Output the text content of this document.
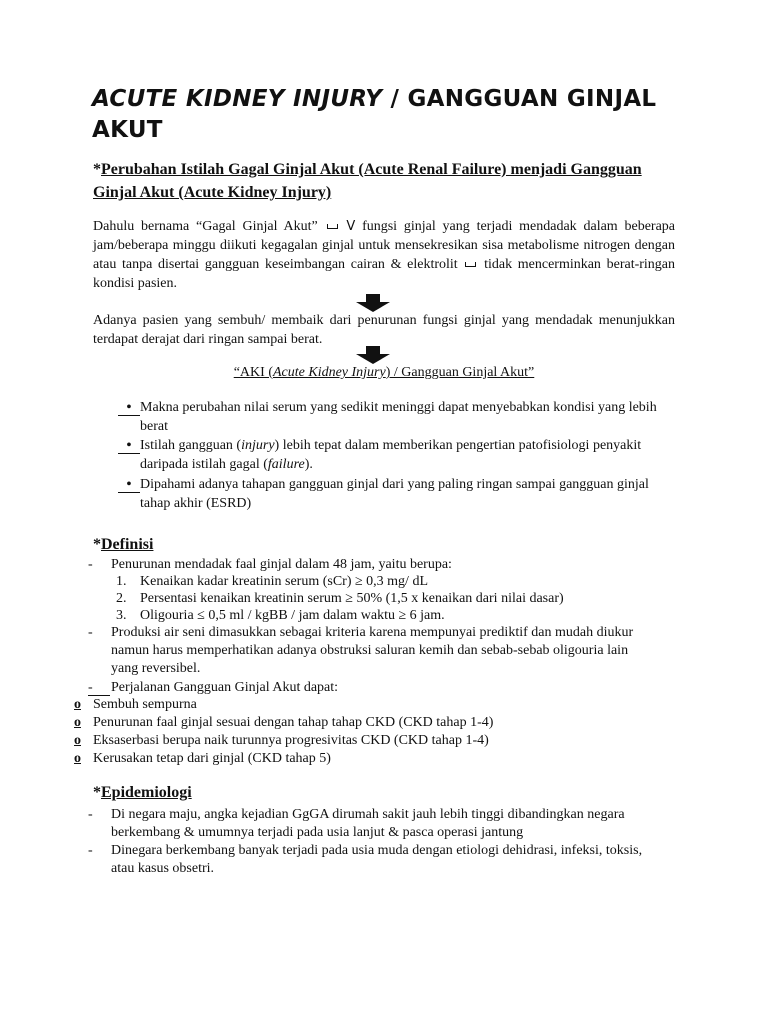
ACUTE KIDNEY INJURY / GANGGUAN GINJAL AKUT
*Perubahan Istilah Gagal Ginjal Akut (Acute Renal Failure) menjadi Gangguan Ginjal Akut (Acute Kidney Injury)
Dahulu bernama “Gagal Ginjal Akut” V fungsi ginjal yang terjadi mendadak dalam beberapa jam/beberapa minggu diikuti kegagalan ginjal untuk mensekresikan sisa metabolisme nitrogen dengan atau tanpa disertai gangguan keseimbangan cairan & elektrolit tidak mencerminkan berat-ringan kondisi pasien.
Adanya pasien yang sembuh/ membaik dari penurunan fungsi ginjal yang mendadak menunjukkan terdapat derajat dari ringan sampai berat.
“AKI (Acute Kidney Injury) / Gangguan Ginjal Akut”
• Makna perubahan nilai serum yang sedikit meninggi dapat menyebabkan kondisi yang lebih berat
• Istilah gangguan (injury) lebih tepat dalam memberikan pengertian patofisiologi penyakit daripada istilah gagal (failure).
• Dipahami adanya tahapan gangguan ginjal dari yang paling ringan sampai gangguan ginjal tahap akhir (ESRD)
*Definisi
- Penurunan mendadak faal ginjal dalam 48 jam, yaitu berupa:
1. Kenaikan kadar kreatinin serum (sCr) ≥ 0,3 mg/ dL
2. Persentasi kenaikan kreatinin serum ≥ 50% (1,5 x kenaikan dari nilai dasar)
3. Oligouria ≤ 0,5 ml / kgBB / jam dalam waktu ≥ 6 jam.
- Produksi air seni dimasukkan sebagai kriteria karena mempunyai prediktif dan mudah diukur namun harus memperhatikan adanya obstruksi saluran kemih dan sebab-sebab oligouria lain yang reversibel.
-	Perjalanan Gangguan Ginjal Akut dapat:
o Sembuh sempurna
o Penurunan faal ginjal sesuai dengan tahap tahap CKD (CKD tahap 1-4)
o Eksaserbasi berupa naik turunnya progresivitas CKD (CKD tahap 1-4)
o Kerusakan tetap dari ginjal (CKD tahap 5)
*Epidemiologi
- Di negara maju, angka kejadian GgGA dirumah sakit jauh lebih tinggi dibandingkan negara berkembang & umumnya terjadi pada usia lanjut & pasca operasi jantung
- Dinegara berkembang banyak terjadi pada usia muda dengan etiologi dehidrasi, infeksi, toksis, atau kasus obsetri.
